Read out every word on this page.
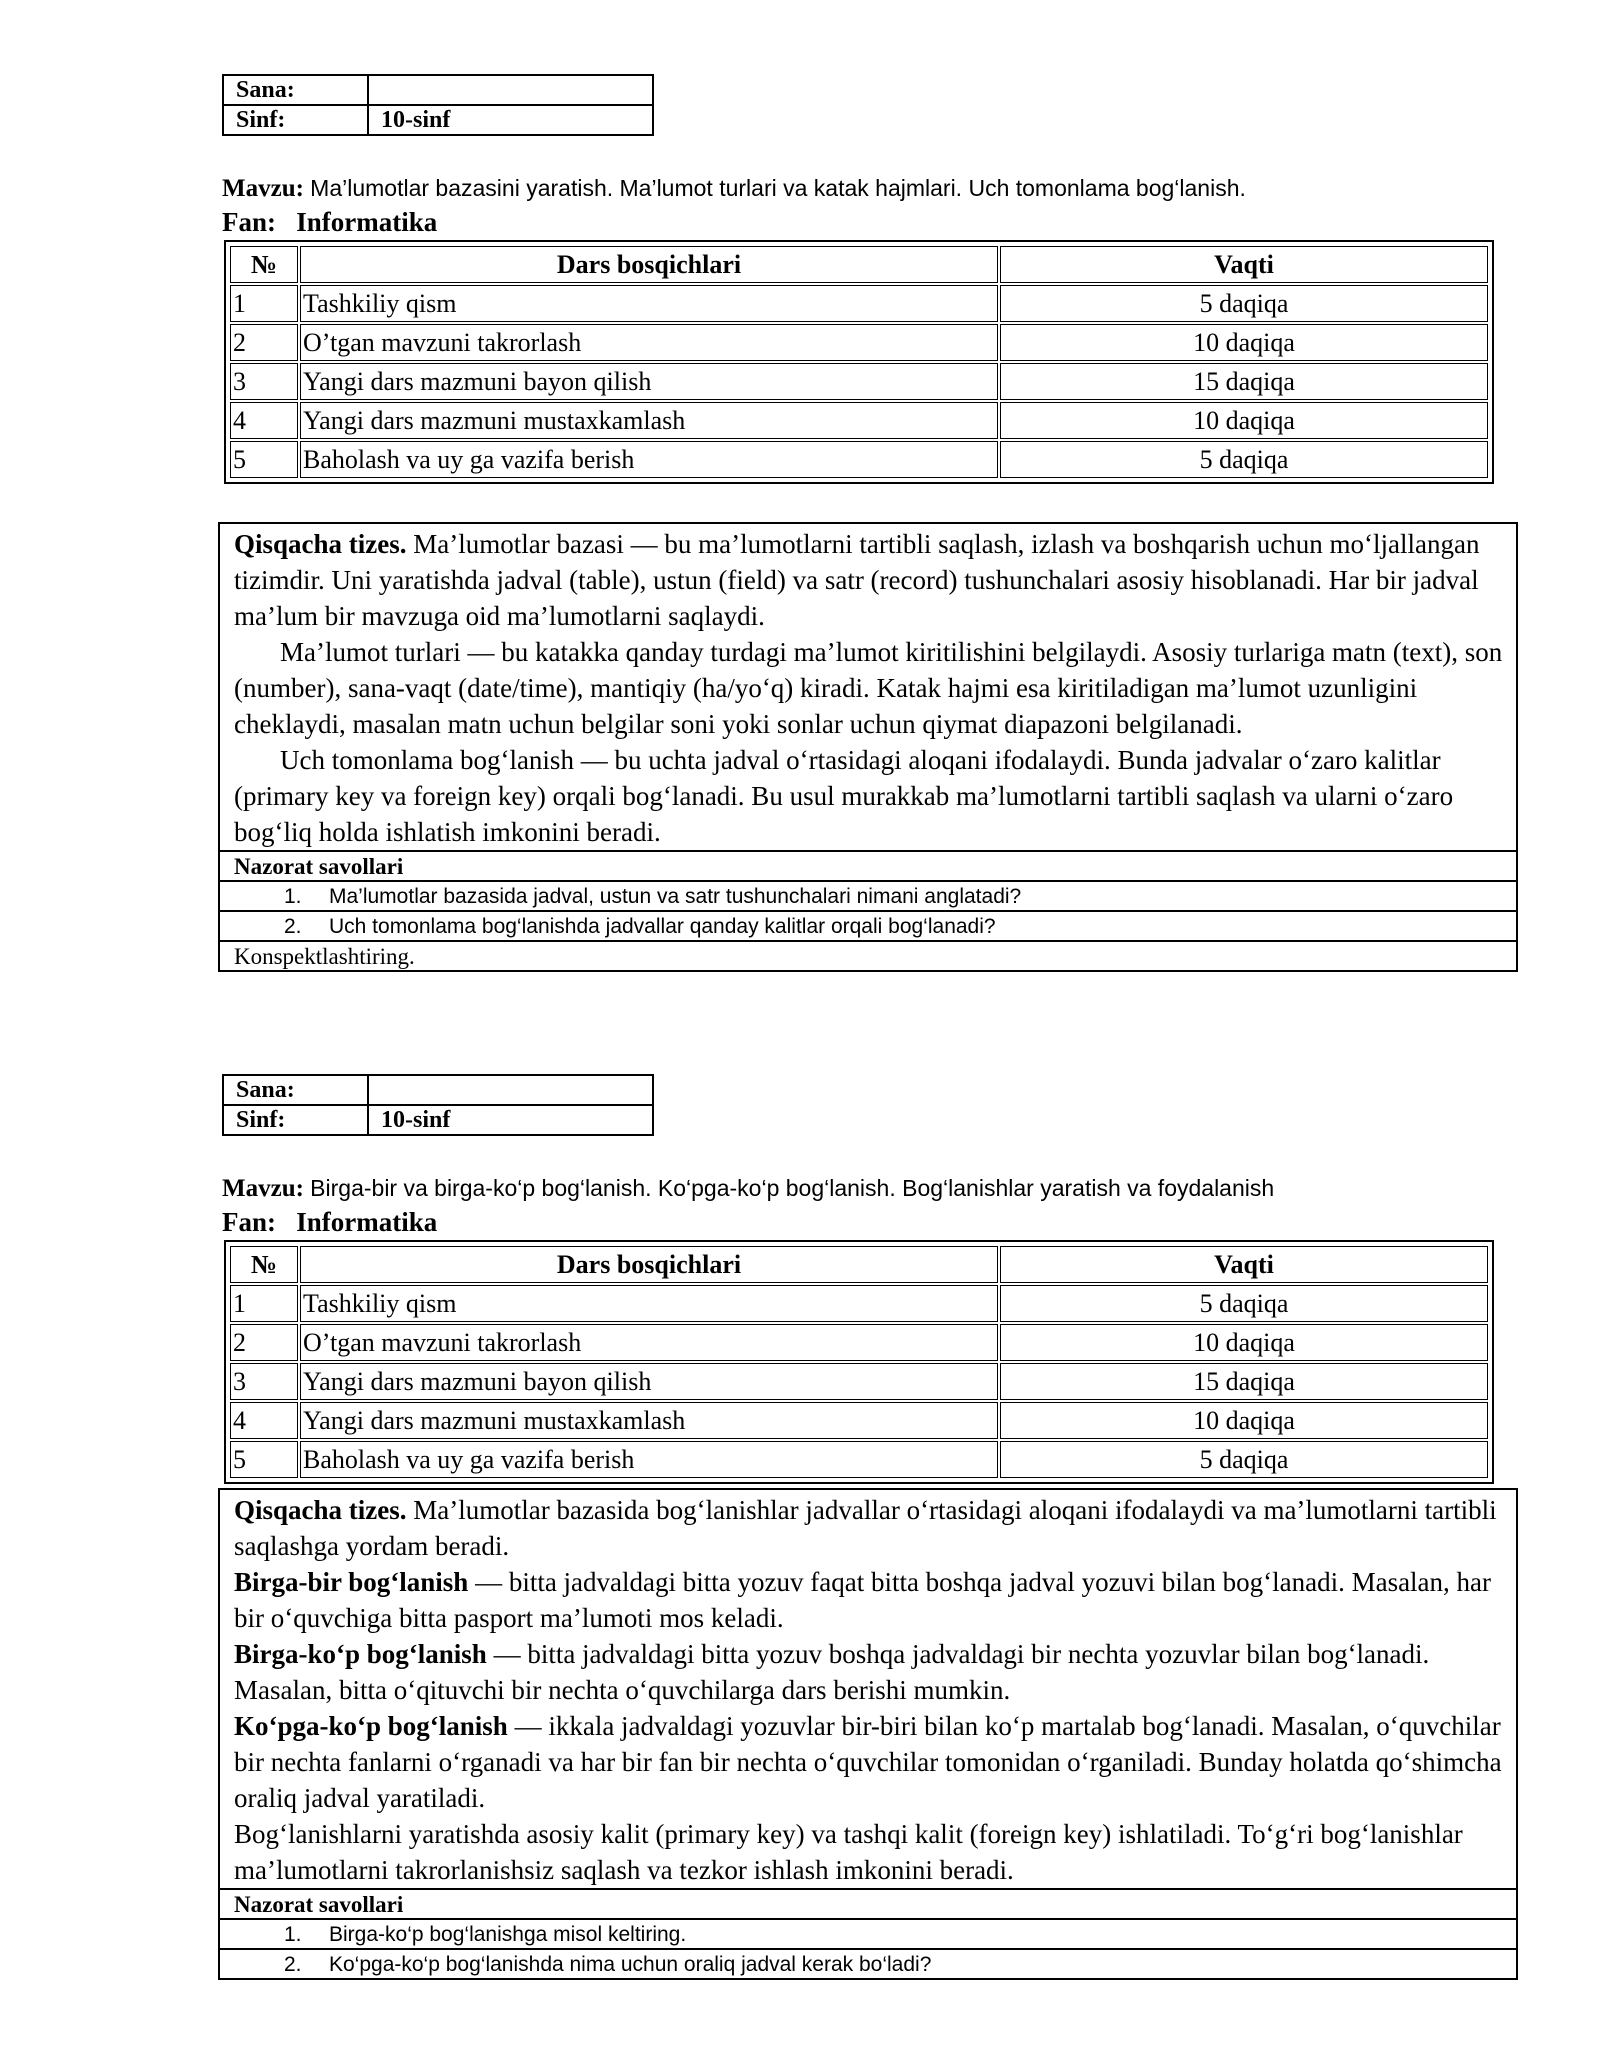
Sana:	
Sinf:	10-sinf
Mavzu: Ma’lumotlar bazasini yaratish. Ma’lumot turlari va katak hajmlari. Uch tomonlama bog‘lanish.
Fan: Informatika
№	Dars bosqichlari	Vaqti
1	Tashkiliy qism	5 daqiqa
2	O’tgan mavzuni takrorlash	10 daqiqa
3	Yangi dars mazmuni bayon qilish	15 daqiqa
4	Yangi dars mazmuni mustaxkamlash	10 daqiqa
5	Baholash va uy ga vazifa berish	5 daqiqa

Qisqacha tizes. Ma’lumotlar bazasi — bu ma’lumotlarni tartibli saqlash, izlash va boshqarish uchun mo‘ljallangan tizimdir. Uni yaratishda jadval (table), ustun (field) va satr (record) tushunchalari asosiy hisoblanadi. Har bir jadval ma’lum bir mavzuga oid ma’lumotlarni saqlaydi.

Ma’lumot turlari — bu katakka qanday turdagi ma’lumot kiritilishini belgilaydi. Asosiy turlariga matn (text), son (number), sana-vaqt (date/time), mantiqiy (ha/yo‘q) kiradi. Katak hajmi esa kiritiladigan ma’lumot uzunligini cheklaydi, masalan matn uchun belgilar soni yoki sonlar uchun qiymat diapazoni belgilanadi.

Uch tomonlama bog‘lanish — bu uchta jadval o‘rtasidagi aloqani ifodalaydi. Bunda jadvalar o‘zaro kalitlar (primary key va foreign key) orqali bog‘lanadi. Bu usul murakkab ma’lumotlarni tartibli saqlash va ularni o‘zaro bog‘liq holda ishlatish imkonini beradi.

Nazorat savollari
1. Ma’lumotlar bazasida jadval, ustun va satr tushunchalari nimani anglatadi?
2. Uch tomonlama bog‘lanishda jadvallar qanday kalitlar orqali bog‘lanadi?
Konspektlashtiring.
Sana:	
Sinf:	10-sinf
Mavzu: Birga-bir va birga-ko‘p bog‘lanish. Ko‘pga-ko‘p bog‘lanish. Bog‘lanishlar yaratish va foydalanish
Fan: Informatika
№	Dars bosqichlari	Vaqti
1	Tashkiliy qism	5 daqiqa
2	O’tgan mavzuni takrorlash	10 daqiqa
3	Yangi dars mazmuni bayon qilish	15 daqiqa
4	Yangi dars mazmuni mustaxkamlash	10 daqiqa
5	Baholash va uy ga vazifa berish	5 daqiqa

Qisqacha tizes. Ma’lumotlar bazasida bog‘lanishlar jadvallar o‘rtasidagi aloqani ifodalaydi va ma’lumotlarni tartibli saqlashga yordam beradi.

Birga-bir bog‘lanish — bitta jadvaldagi bitta yozuv faqat bitta boshqa jadval yozuvi bilan bog‘lanadi. Masalan, har bir o‘quvchiga bitta pasport ma’lumoti mos keladi.

Birga-ko‘p bog‘lanish — bitta jadvaldagi bitta yozuv boshqa jadvaldagi bir nechta yozuvlar bilan bog‘lanadi. Masalan, bitta o‘qituvchi bir nechta o‘quvchilarga dars berishi mumkin.

Ko‘pga-ko‘p bog‘lanish — ikkala jadvaldagi yozuvlar bir-biri bilan ko‘p martalab bog‘lanadi. Masalan, o‘quvchilar bir nechta fanlarni o‘rganadi va har bir fan bir nechta o‘quvchilar tomonidan o‘rganiladi. Bunday holatda qo‘shimcha oraliq jadval yaratiladi.

Bog‘lanishlarni yaratishda asosiy kalit (primary key) va tashqi kalit (foreign key) ishlatiladi. To‘g‘ri bog‘lanishlar ma’lumotlarni takrorlanishsiz saqlash va tezkor ishlash imkonini beradi.

Nazorat savollari
1. Birga-ko‘p bog‘lanishga misol keltiring.
2. Ko‘pga-ko‘p bog‘lanishda nima uchun oraliq jadval kerak bo‘ladi?
